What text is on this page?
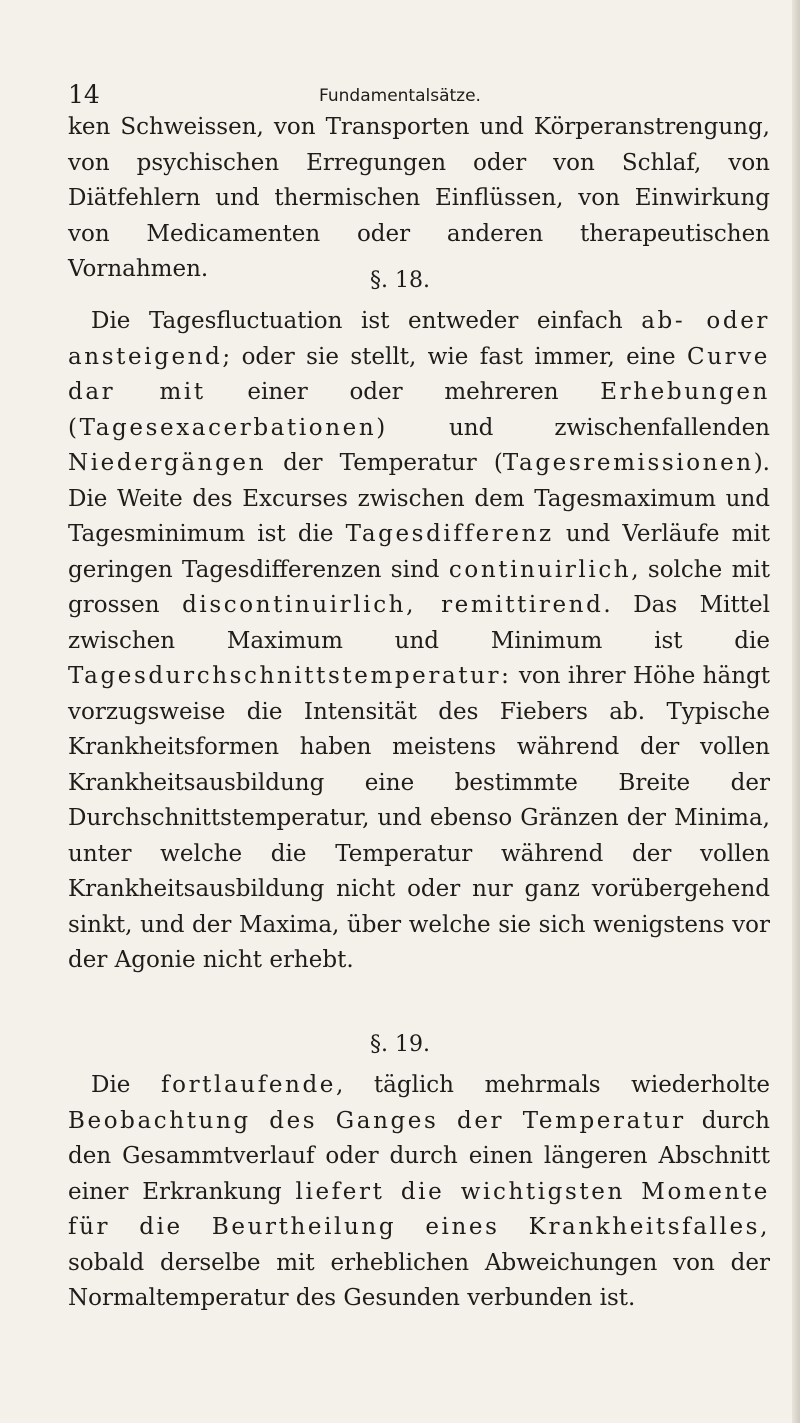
14	Fundamentalsätze.

ken Schweissen, von Transporten und Körperanstrengung, von psychischen Erregungen oder von Schlaf, von Diätfehlern und thermischen Einflüssen, von Einwirkung von Medicamenten oder anderen therapeutischen Vornahmen.	§. 18.

Die Tagesfluctuation ist entweder einfach ab- oder ansteigend; oder sie stellt, wie fast immer, eine Curve dar mit einer oder mehreren Erhebungen (Tagesexacerbationen) und zwischenfallenden Niedergängen der Temperatur (Tagesremissionen). Die Weite des Excurses zwischen dem Tagesmaximum und Tagesminimum ist die Tagesdifferenz und Verläufe mit geringen Tagesdifferenzen sind continuirlich, solche mit grossen discontinuirlich, remittirend. Das Mittel zwischen Maximum und Minimum ist die Tagesdurchschnittstemperatur: von ihrer Höhe hängt vorzugsweise die Intensität des Fiebers ab. Typische Krankheitsformen haben meistens während der vollen Krankheitsausbildung eine bestimmte Breite der Durchschnittstemperatur, und ebenso Gränzen der Minima, unter welche die Temperatur während der vollen Krankheitsausbildung nicht oder nur ganz vorübergehend sinkt, und der Maxima, über welche sie sich wenigstens vor der Agonie nicht erhebt.

§. 19.

Die fortlaufende, täglich mehrmals wiederholte Beobachtung des Ganges der Temperatur durch den Gesammtverlauf oder durch einen längeren Abschnitt einer Erkrankung liefert die wichtigsten Momente für die Beurtheilung eines Krankheitsfalles, sobald derselbe mit erheblichen Abweichungen von der Normaltemperatur des Gesunden verbunden ist.
